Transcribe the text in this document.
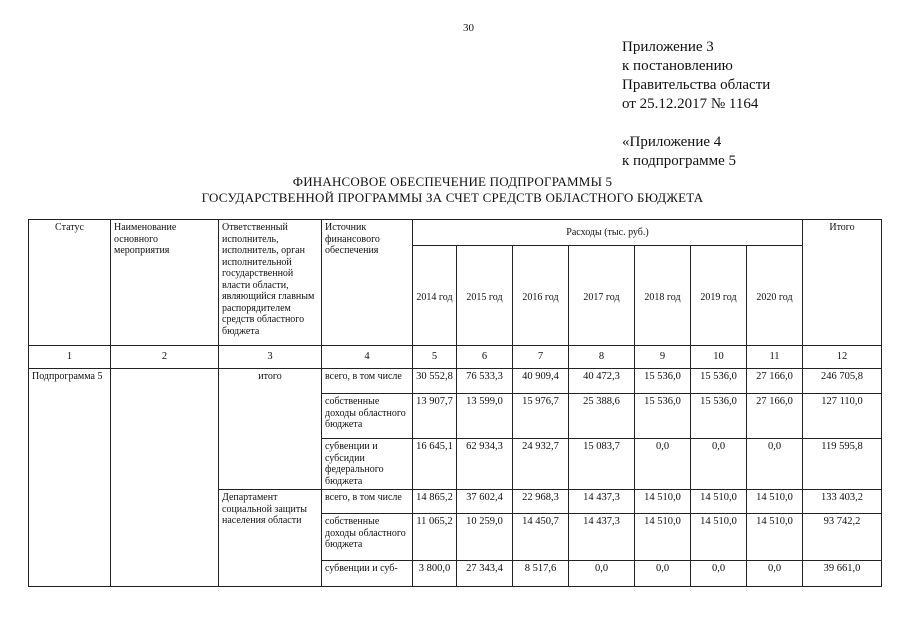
30
Приложение 3
к постановлению
Правительства области
от 25.12.2017 № 1164
«Приложение 4
к подпрограмме 5
ФИНАНСОВОЕ ОБЕСПЕЧЕНИЕ ПОДПРОГРАММЫ 5
ГОСУДАРСТВЕННОЙ ПРОГРАММЫ ЗА СЧЕТ СРЕДСТВ ОБЛАСТНОГО БЮДЖЕТА
Статус	Наименование основного мероприятия	Ответственный исполнитель, исполнитель, орган исполнительной государственной власти области, являющийся главным распорядителем средств областного бюджета	Источник финансового обеспечения	Расходы (тыс. руб.)							Итого
				2014 год	2015 год	2016 год	2017 год	2018 год	2019 год	2020 год	
1	2	3	4	5	6	7	8	9	10	11	12
Подпрограмма 5		итого	всего, в том числе	30 552,8	76 533,3	40 909,4	40 472,3	15 536,0	15 536,0	27 166,0	246 705,8
			собственные доходы областного бюджета	13 907,7	13 599,0	15 976,7	25 388,6	15 536,0	15 536,0	27 166,0	127 110,0
			субвенции и субсидии федерального бюджета	16 645,1	62 934,3	24 932,7	15 083,7	0,0	0,0	0,0	119 595,8
		Департамент социальной защиты населения области	всего, в том числе	14 865,2	37 602,4	22 968,3	14 437,3	14 510,0	14 510,0	14 510,0	133 403,2
			собственные доходы областного бюджета	11 065,2	10 259,0	14 450,7	14 437,3	14 510,0	14 510,0	14 510,0	93 742,2
			субвенции и суб-	3 800,0	27 343,4	8 517,6	0,0	0,0	0,0	0,0	39 661,0
